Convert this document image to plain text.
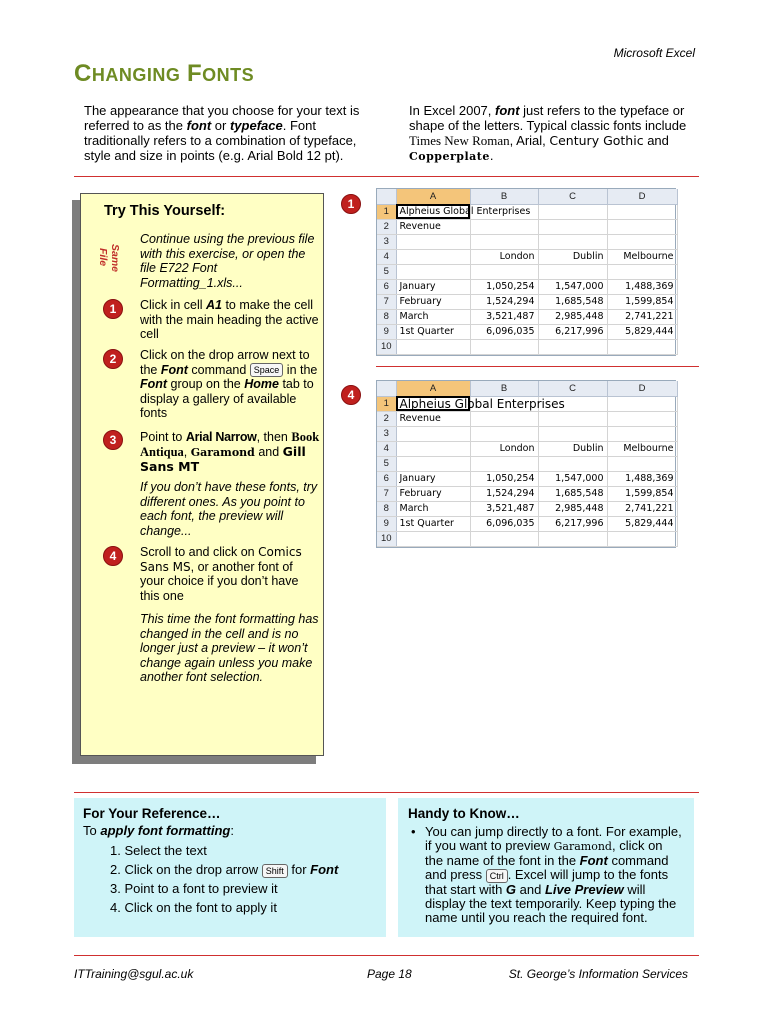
Microsoft Excel
CHANGING FONTS
The appearance that you choose for your text is referred to as the font or typeface. Font traditionally refers to a combination of typeface, style and size in points (e.g. Arial Bold 12 pt).
In Excel 2007, font just refers to the typeface or shape of the letters. Typical classic fonts include Times New Roman, Arial, Century Gothic and Copperplate.
Try This Yourself:
Same
File
Continue using the previous file with this exercise, or open the file E722 Font Formatting_1.xls...
1	Click in cell A1 to make the cell with the main heading the active cell
2	Click on the drop arrow next to the Font command Space in the Font group on the Home tab to display a gallery of available fonts
3	Point to Arial Narrow, then Book Antiqua, Garamond and Gill Sans MT
If you don’t have these fonts, try different ones. As you point to each font, the preview will change...
4	Scroll to and click on Comics Sans MS, or another font of your choice if you don’t have this one
This time the font formatting has changed in the cell and is no longer just a preview – it won’t change again unless you make another font selection.
1
4
	A	B	C	D
1	Alpheius Global Enterprises			
2	Revenue			
3				
4		London	Dublin	Melbourne
5				
6	January	1,050,254	1,547,000	1,488,369
7	February	1,524,294	1,685,548	1,599,854
8	March	3,521,487	2,985,448	2,741,221
9	1st Quarter	6,096,035	6,217,996	5,829,444
10				
	A	B	C	D
1	Alpheius Global Enterprises			
2	Revenue			
3				
4		London	Dublin	Melbourne
5				
6	January	1,050,254	1,547,000	1,488,369
7	February	1,524,294	1,685,548	1,599,854
8	March	3,521,487	2,985,448	2,741,221
9	1st Quarter	6,096,035	6,217,996	5,829,444
10				
For Your Reference…
To apply font formatting:
1. Select the text
2. Click on the drop arrow Shift for Font
3. Point to a font to preview it
4. Click on the font to apply it
Handy to Know…
• You can jump directly to a font. For example, if you want to preview Garamond, click on the name of the font in the Font command and press Ctrl . Excel will jump to the fonts that start with G and Live Preview will display the text temporarily. Keep typing the name until you reach the required font.
ITTraining@sgul.ac.uk	Page 18	St. George’s Information Services
